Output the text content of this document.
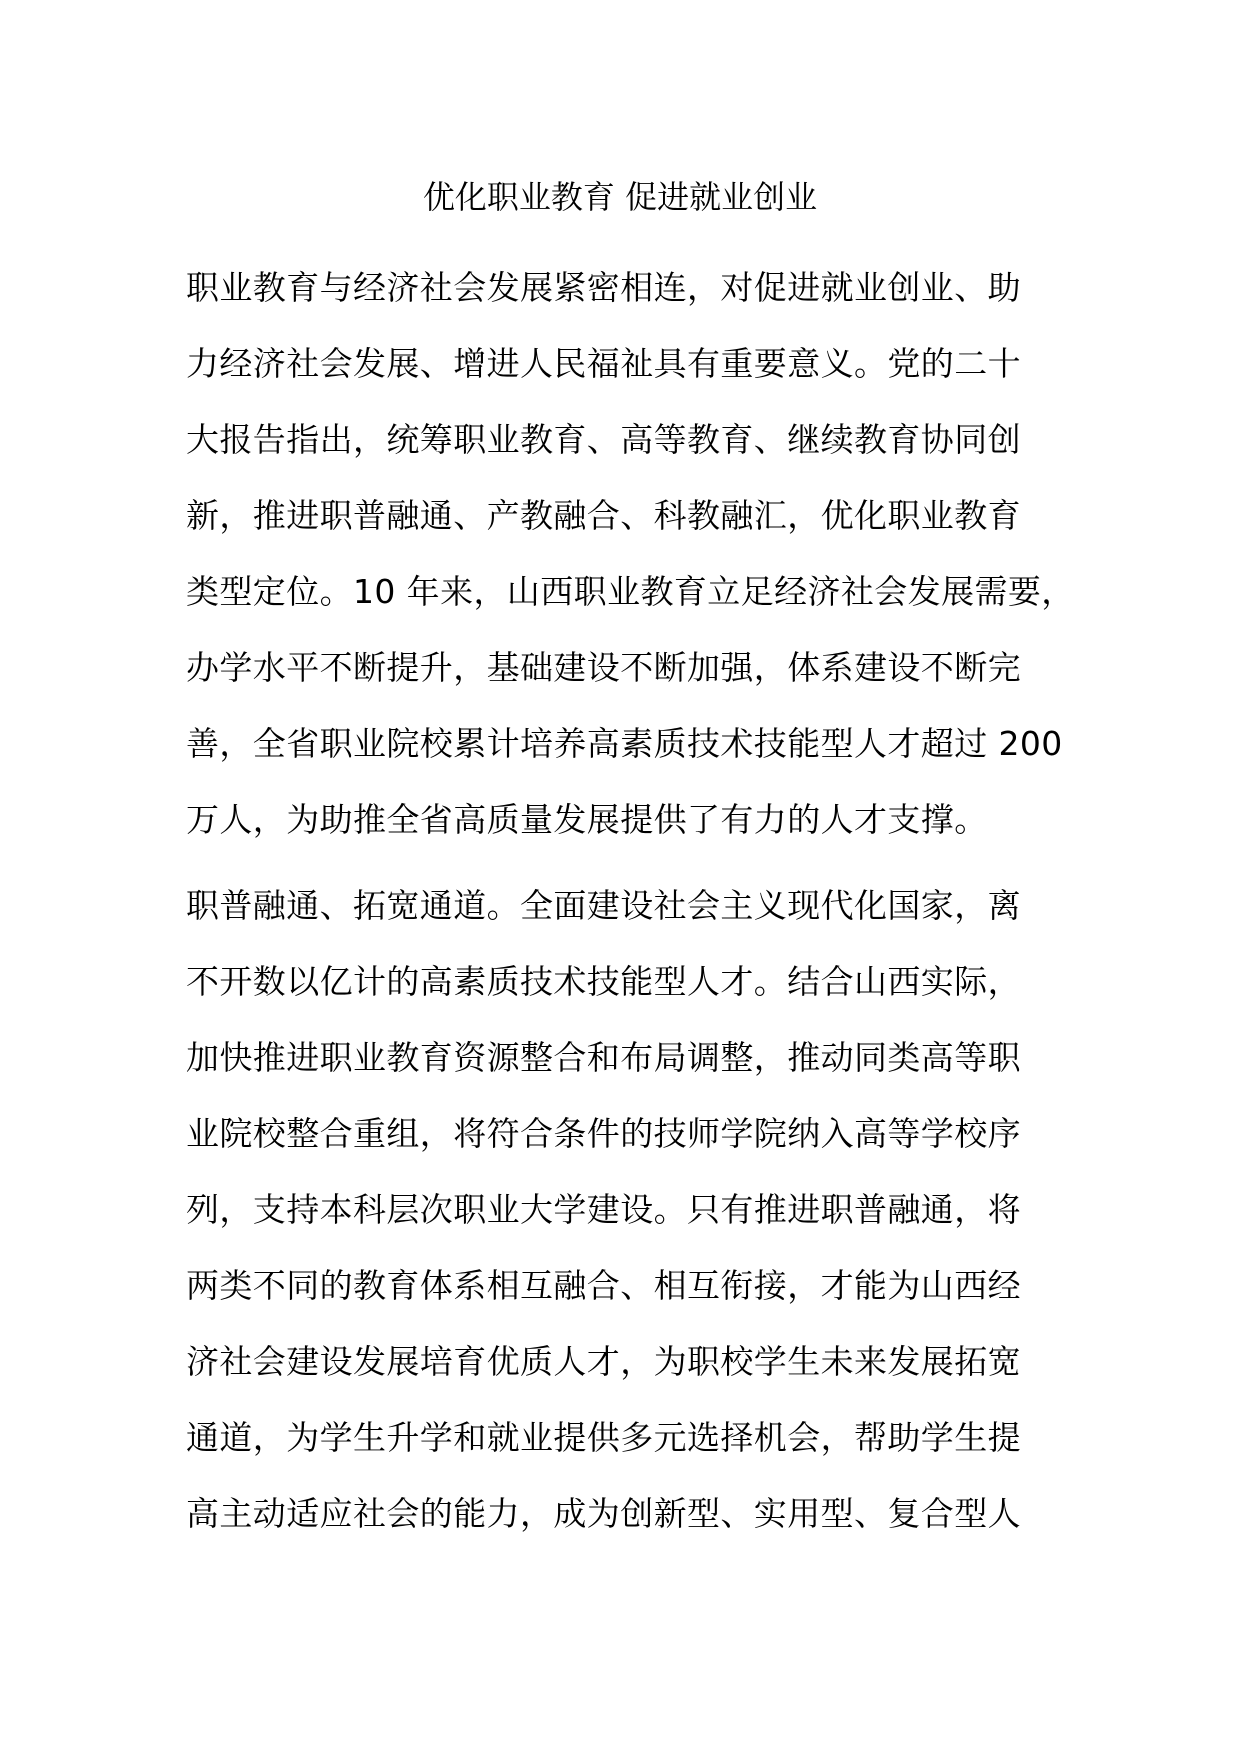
优化职业教育 促进就业创业
职业教育与经济社会发展紧密相连，对促进就业创业、助
力经济社会发展、增进人民福祉具有重要意义。党的二十
大报告指出，统筹职业教育、高等教育、继续教育协同创
新，推进职普融通、产教融合、科教融汇，优化职业教育
类型定位。10 年来，山西职业教育立足经济社会发展需要，
办学水平不断提升，基础建设不断加强，体系建设不断完
善，全省职业院校累计培养高素质技术技能型人才超过 200
万人，为助推全省高质量发展提供了有力的人才支撑。
职普融通、拓宽通道。全面建设社会主义现代化国家，离
不开数以亿计的高素质技术技能型人才。结合山西实际，
加快推进职业教育资源整合和布局调整，推动同类高等职
业院校整合重组，将符合条件的技师学院纳入高等学校序
列，支持本科层次职业大学建设。只有推进职普融通，将
两类不同的教育体系相互融合、相互衔接，才能为山西经
济社会建设发展培育优质人才，为职校学生未来发展拓宽
通道，为学生升学和就业提供多元选择机会，帮助学生提
高主动适应社会的能力，成为创新型、实用型、复合型人
